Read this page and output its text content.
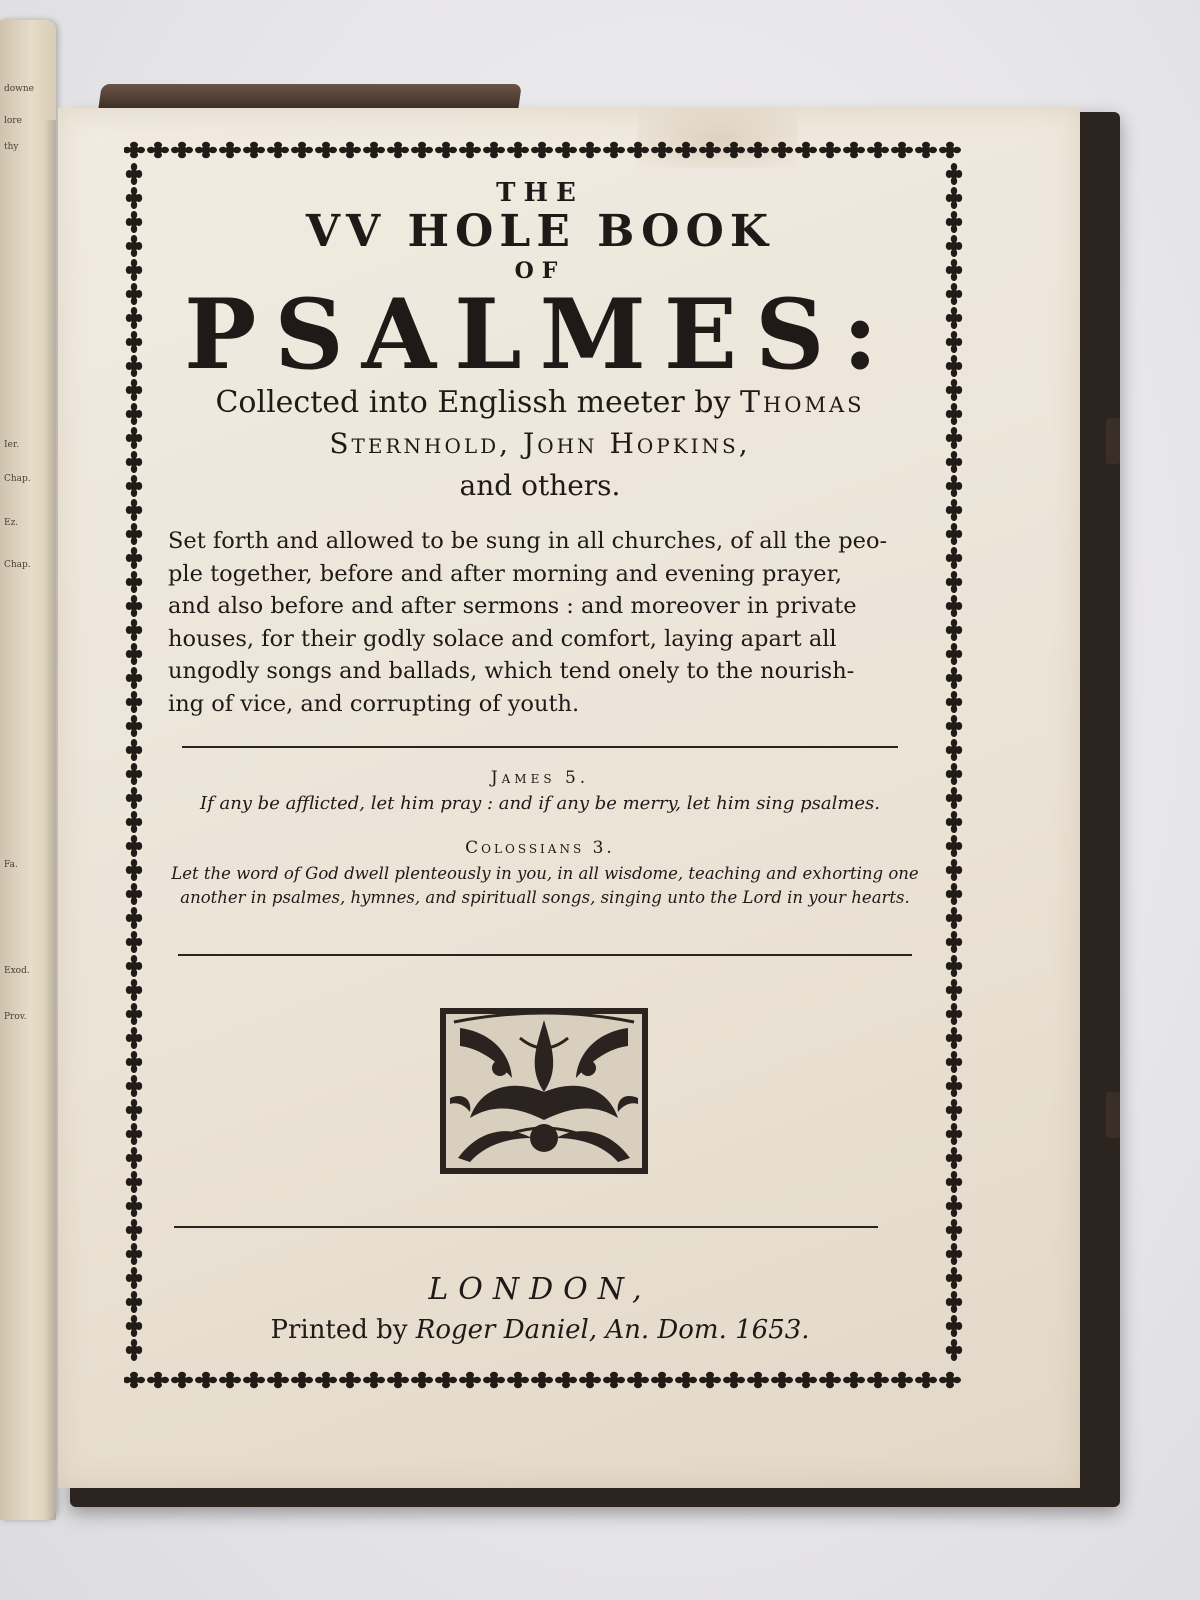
downe
lore
thy
Chap.
Ez.
Ier.
Chap.
Fa.
Exod.
Prov.
THE
VV HOLE BOOK
OF
PSALMES:
Collected into Englissh meeter by Thomas
Sternhold, John Hopkins,
and others.
Set forth and allowed to be sung in all churches, of all the peo-
ple together, before and after morning and evening prayer,
and also before and after sermons : and moreover in private
houses, for their godly solace and comfort, laying apart all
ungodly songs and ballads, which tend onely to the nourish-
ing of vice, and corrupting of youth.
James 5.
If any be afflicted, let him pray : and if any be merry, let him sing psalmes.
Colossians 3.
Let the word of God dwell plenteously in you, in all wisdome, teaching and exhorting one
another in psalmes, hymnes, and spirituall songs, singing unto the Lord in your hearts.
LONDON,
Printed by Roger Daniel, An. Dom. 1653.
